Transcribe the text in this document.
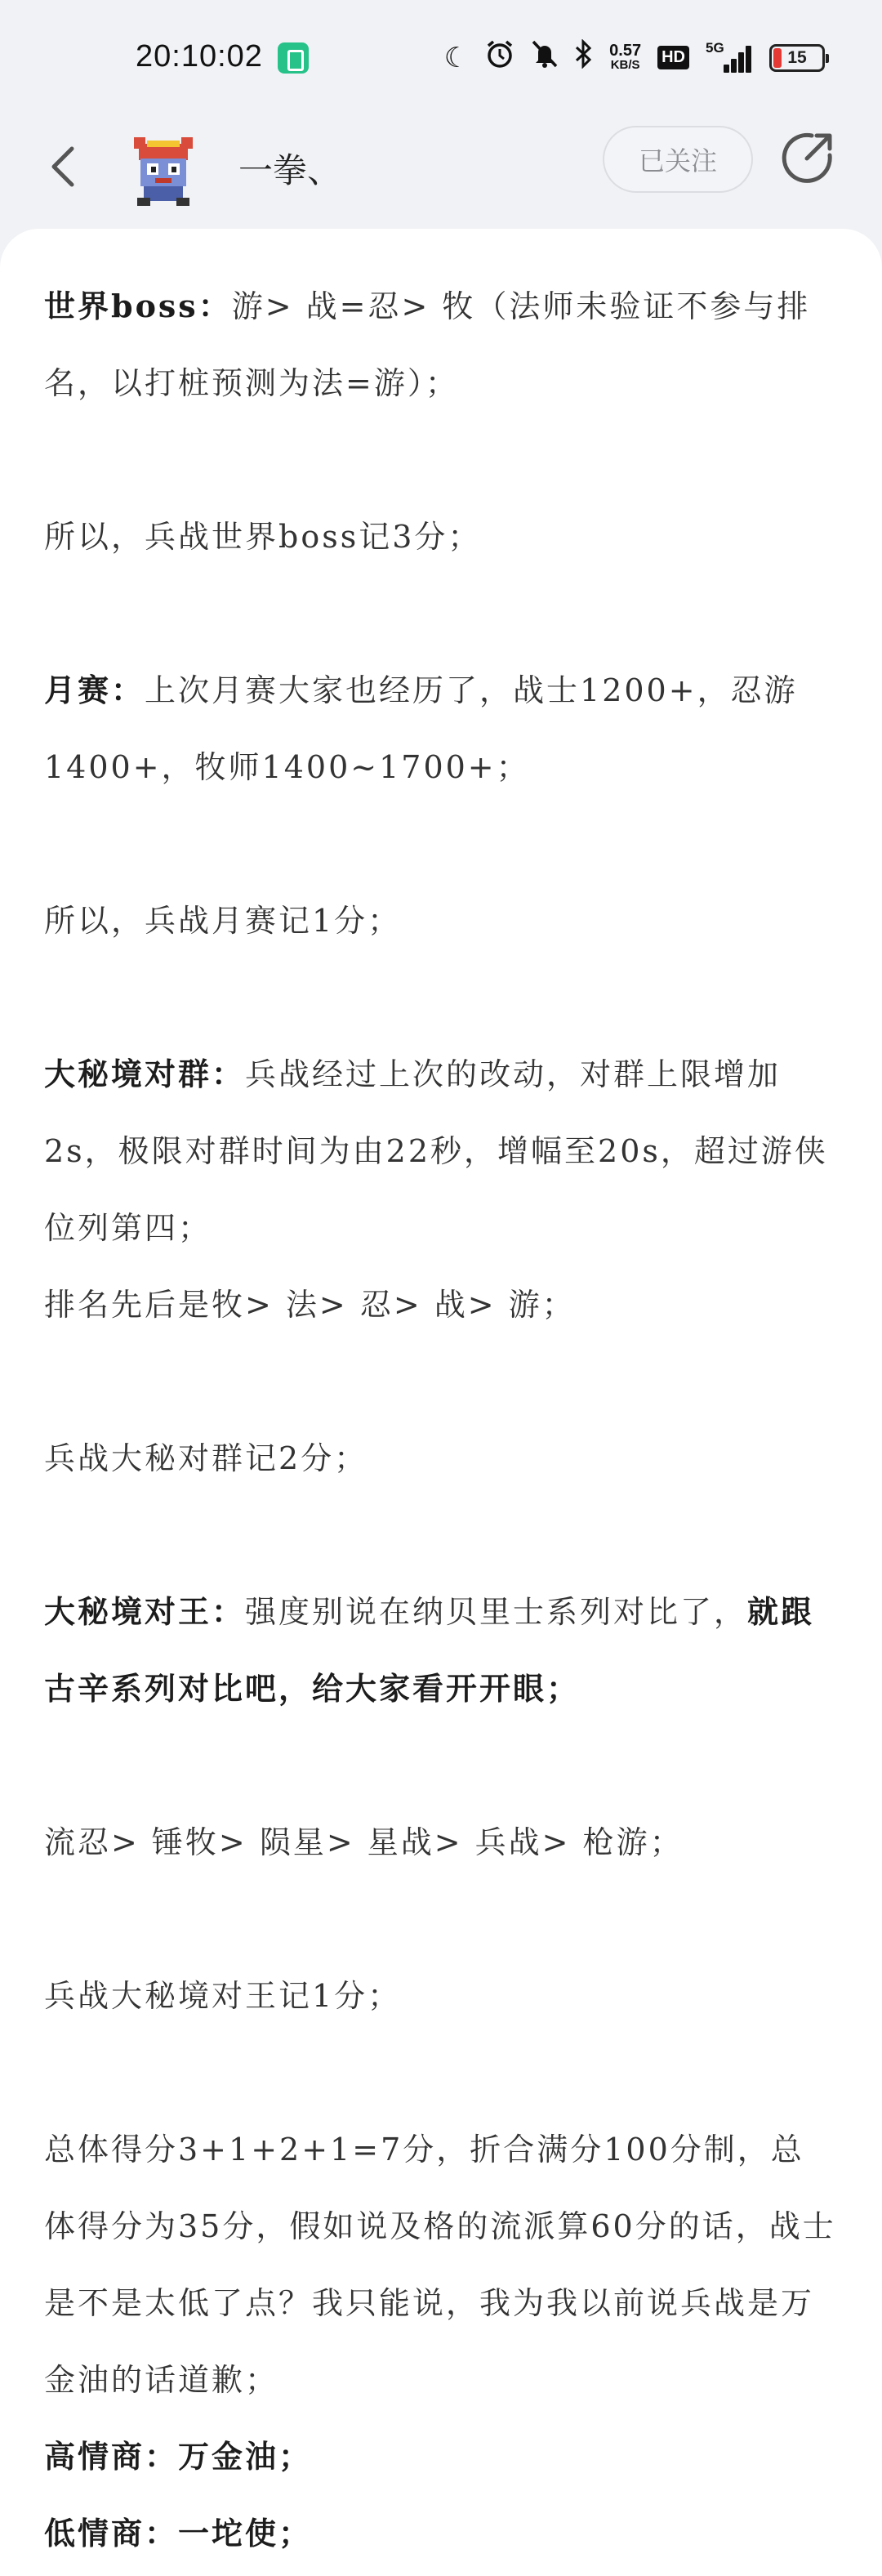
20:10:02	☾	0.57
KB/S HD
5G
15
一拳、	已关注

世界boss：游> 战=忍> 牧（法师未验证不参与排名，以打桩预测为法=游）；

所以，兵战世界boss记3分；

月赛：上次月赛大家也经历了，战士1200+，忍游1400+，牧师1400~1700+；

所以，兵战月赛记1分；

大秘境对群：兵战经过上次的改动，对群上限增加2s，极限对群时间为由22秒，增幅至20s，超过游侠位列第四；

排名先后是牧> 法> 忍> 战> 游；

兵战大秘对群记2分；

大秘境对王：强度别说在纳贝里士系列对比了，就跟古辛系列对比吧，给大家看开开眼；

流忍> 锤牧> 陨星> 星战> 兵战> 枪游；

兵战大秘境对王记1分；

总体得分3+1+2+1=7分，折合满分100分制，总体得分为35分，假如说及格的流派算60分的话，战士是不是太低了点？我只能说，我为我以前说兵战是万金油的话道歉；

高情商：万金油；

低情商：一坨使；
